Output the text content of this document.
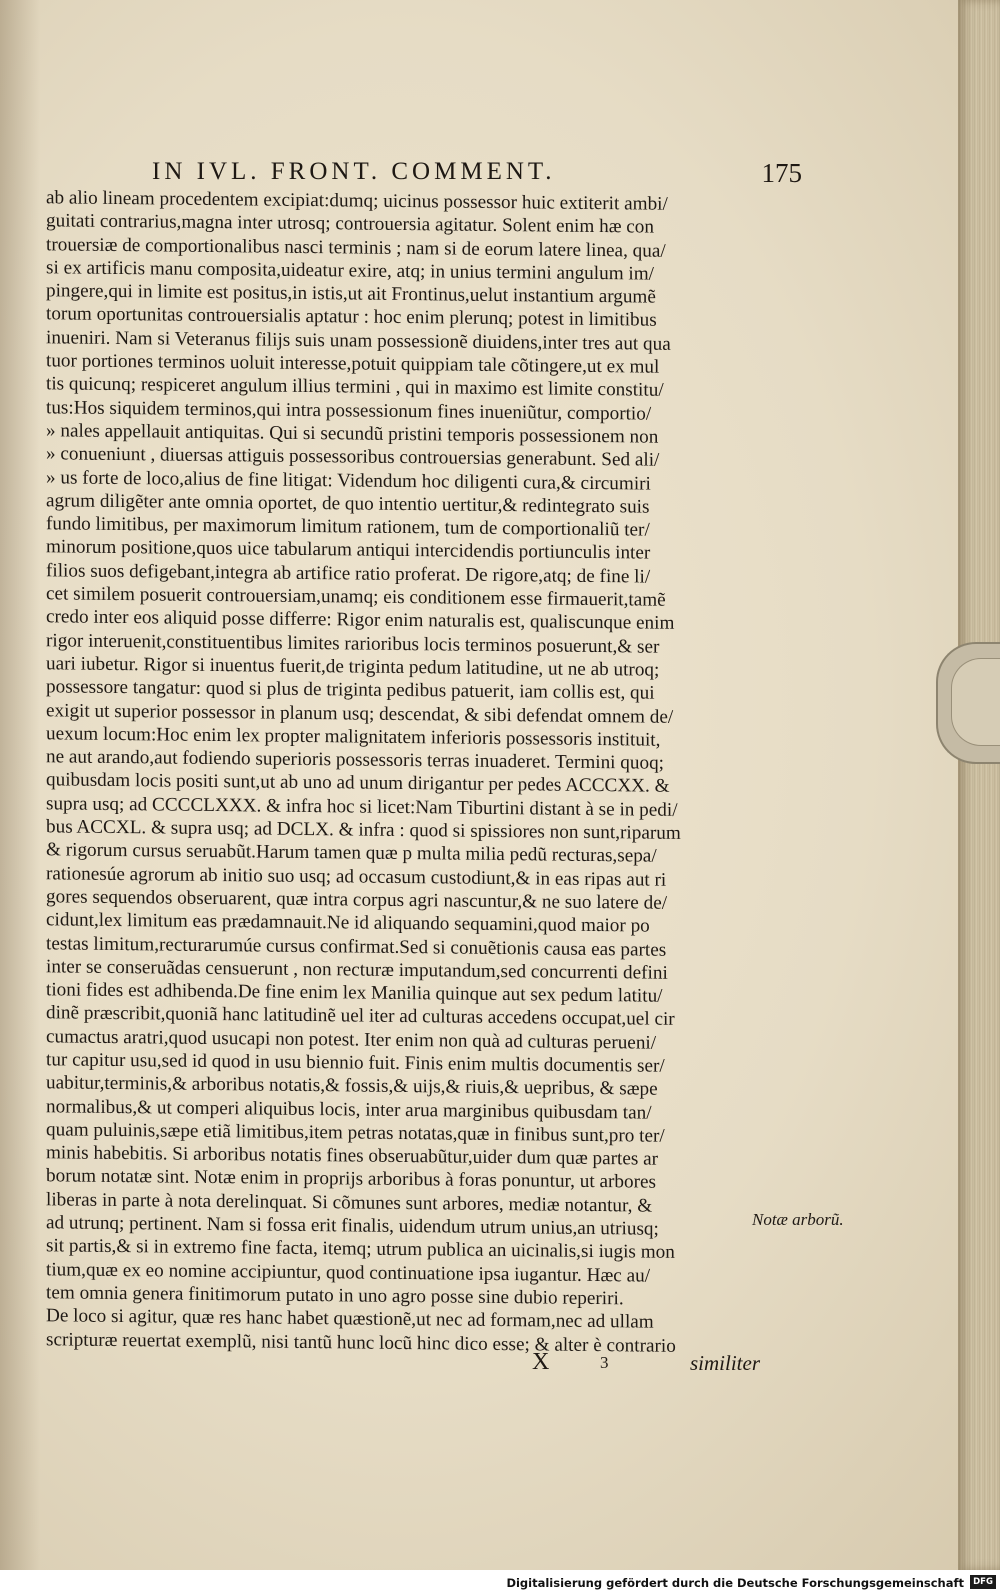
IN IVL. FRONT. COMMENT.	175
ab alio lineam procedentem excipiat:dumq; uicinus possessor huic extiterit ambi/
guitati contrarius,magna inter utrosq; controuersia agitatur. Solent enim hæ con
trouersiæ de comportionalibus nasci terminis ; nam si de eorum latere linea, qua/
si ex artificis manu composita,uideatur exire, atq; in unius termini angulum im/
pingere,qui in limite est positus,in istis,ut ait Frontinus,uelut instantium argumẽ
torum oportunitas controuersialis aptatur : hoc enim plerunq; potest in limitibus
inueniri. Nam si Veteranus filijs suis unam possessionẽ diuidens,inter tres aut qua
tuor portiones terminos uoluit interesse,potuit quippiam tale cõtingere,ut ex mul
tis quicunq; respiceret angulum illius termini , qui in maximo est limite constitu/
tus:Hos siquidem terminos,qui intra possessionum fines inueniũtur, comportio/
» nales appellauit antiquitas. Qui si secundũ pristini temporis possessionem non
» conueniunt , diuersas attiguis possessoribus controuersias generabunt. Sed ali/
» us forte de loco,alius de fine litigat: Videndum hoc diligenti cura,& circumiri
agrum diligẽter ante omnia oportet, de quo intentio uertitur,& redintegrato suis
fundo limitibus, per maximorum limitum rationem, tum de comportionaliũ ter/
minorum positione,quos uice tabularum antiqui intercidendis portiunculis inter
filios suos defigebant,integra ab artifice ratio proferat. De rigore,atq; de fine li/
cet similem posuerit controuersiam,unamq; eis conditionem esse firmauerit,tamẽ
credo inter eos aliquid posse differre: Rigor enim naturalis est, qualiscunque enim
rigor interuenit,constituentibus limites rarioribus locis terminos posuerunt,& ser
uari iubetur. Rigor si inuentus fuerit,de triginta pedum latitudine, ut ne ab utroq;
possessore tangatur: quod si plus de triginta pedibus patuerit, iam collis est, qui
exigit ut superior possessor in planum usq; descendat, & sibi defendat omnem de/
uexum locum:Hoc enim lex propter malignitatem inferioris possessoris instituit,
ne aut arando,aut fodiendo superioris possessoris terras inuaderet. Termini quoq;
quibusdam locis positi sunt,ut ab uno ad unum dirigantur per pedes ACCCXX. &
supra usq; ad CCCCLXXX. & infra hoc si licet:Nam Tiburtini distant à se in pedi/
bus ACCXL. & supra usq; ad DCLX. & infra : quod si spissiores non sunt,riparum
& rigorum cursus seruabũt.Harum tamen quæ p multa milia pedũ recturas,sepa/
rationesúe agrorum ab initio suo usq; ad occasum custodiunt,& in eas ripas aut ri
gores sequendos obseruarent, quæ intra corpus agri nascuntur,& ne suo latere de/
cidunt,lex limitum eas prædamnauit.Ne id aliquando sequamini,quod maior po
testas limitum,recturarumúe cursus confirmat.Sed si conuẽtionis causa eas partes
inter se conseruãdas censuerunt , non recturæ imputandum,sed concurrenti defini
tioni fides est adhibenda.De fine enim lex Manilia quinque aut sex pedum latitu/
dinẽ præscribit,quoniã hanc latitudinẽ uel iter ad culturas accedens occupat,uel cir
cumactus aratri,quod usucapi non potest. Iter enim non quà ad culturas perueni/
tur capitur usu,sed id quod in usu biennio fuit. Finis enim multis documentis ser/
uabitur,terminis,& arboribus notatis,& fossis,& uijs,& riuis,& uepribus, & sæpe
normalibus,& ut comperi aliquibus locis, inter arua marginibus quibusdam tan/
quam puluinis,sæpe etiã limitibus,item petras notatas,quæ in finibus sunt,pro ter/
minis habebitis. Si arboribus notatis fines obseruabũtur,uider dum quæ partes ar
borum notatæ sint. Notæ enim in proprijs arboribus à foras ponuntur, ut arbores
liberas in parte à nota derelinquat. Si cõmunes sunt arbores, mediæ notantur, &
ad utrunq; pertinent. Nam si fossa erit finalis, uidendum utrum unius,an utriusq;
sit partis,& si in extremo fine facta, itemq; utrum publica an uicinalis,si iugis mon
tium,quæ ex eo nomine accipiuntur, quod continuatione ipsa iugantur. Hæc au/
tem omnia genera finitimorum putato in uno agro posse sine dubio reperiri.
De loco si agitur, quæ res hanc habet quæstionẽ,ut nec ad formam,nec ad ullam
scripturæ reuertat exemplũ, nisi tantũ hunc locũ hinc dico esse; & alter è contrario
Notæ arborũ.
X	3	similiter
Digitalisierung gefördert durch die Deutsche Forschungsgemeinschaft	DFG
